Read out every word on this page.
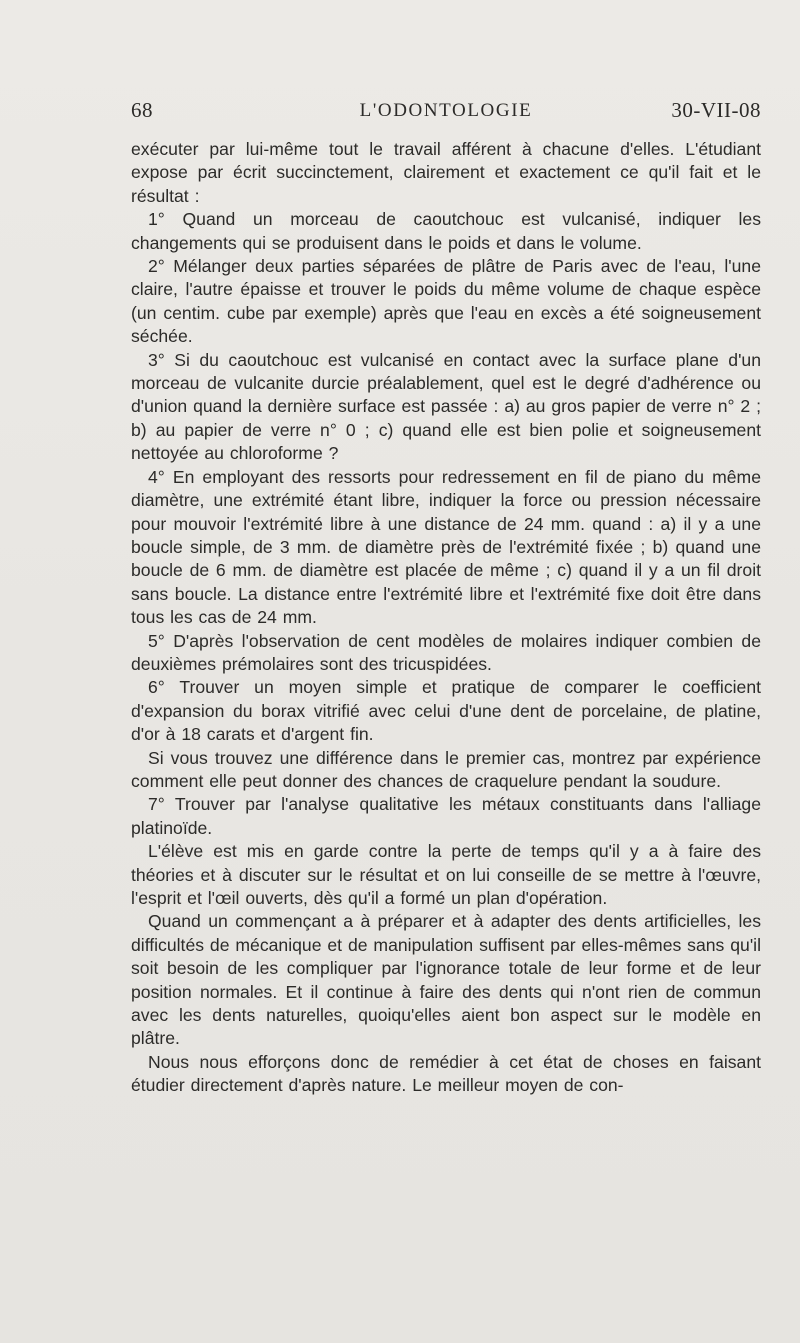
68	L'ODONTOLOGIE	30-VII-08

exécuter par lui-même tout le travail afférent à chacune d'elles. L'étudiant expose par écrit succinctement, clairement et exactement ce qu'il fait et le résultat :

1° Quand un morceau de caoutchouc est vulcanisé, indiquer les changements qui se produisent dans le poids et dans le volume.

2° Mélanger deux parties séparées de plâtre de Paris avec de l'eau, l'une claire, l'autre épaisse et trouver le poids du même volume de chaque espèce (un centim. cube par exemple) après que l'eau en excès a été soigneusement séchée.

3° Si du caoutchouc est vulcanisé en contact avec la surface plane d'un morceau de vulcanite durcie préalablement, quel est le degré d'adhérence ou d'union quand la dernière surface est passée : a) au gros papier de verre n° 2 ; b) au papier de verre n° 0 ; c) quand elle est bien polie et soigneusement nettoyée au chloroforme ?

4° En employant des ressorts pour redressement en fil de piano du même diamètre, une extrémité étant libre, indiquer la force ou pression nécessaire pour mouvoir l'extrémité libre à une distance de 24 mm. quand : a) il y a une boucle simple, de 3 mm. de diamètre près de l'extrémité fixée ; b) quand une boucle de 6 mm. de diamètre est placée de même ; c) quand il y a un fil droit sans boucle. La distance entre l'extrémité libre et l'extrémité fixe doit être dans tous les cas de 24 mm.

5° D'après l'observation de cent modèles de molaires indiquer combien de deuxièmes prémolaires sont des tricuspidées.

6° Trouver un moyen simple et pratique de comparer le coefficient d'expansion du borax vitrifié avec celui d'une dent de porcelaine, de platine, d'or à 18 carats et d'argent fin.

Si vous trouvez une différence dans le premier cas, montrez par expérience comment elle peut donner des chances de craquelure pendant la soudure.

7° Trouver par l'analyse qualitative les métaux constituants dans l'alliage platinoïde.

L'élève est mis en garde contre la perte de temps qu'il y a à faire des théories et à discuter sur le résultat et on lui conseille de se mettre à l'œuvre, l'esprit et l'œil ouverts, dès qu'il a formé un plan d'opération.

Quand un commençant a à préparer et à adapter des dents artificielles, les difficultés de mécanique et de manipulation suffisent par elles-mêmes sans qu'il soit besoin de les compliquer par l'ignorance totale de leur forme et de leur position normales. Et il continue à faire des dents qui n'ont rien de commun avec les dents naturelles, quoiqu'elles aient bon aspect sur le modèle en plâtre.

Nous nous efforçons donc de remédier à cet état de choses en faisant étudier directement d'après nature. Le meilleur moyen de con-
